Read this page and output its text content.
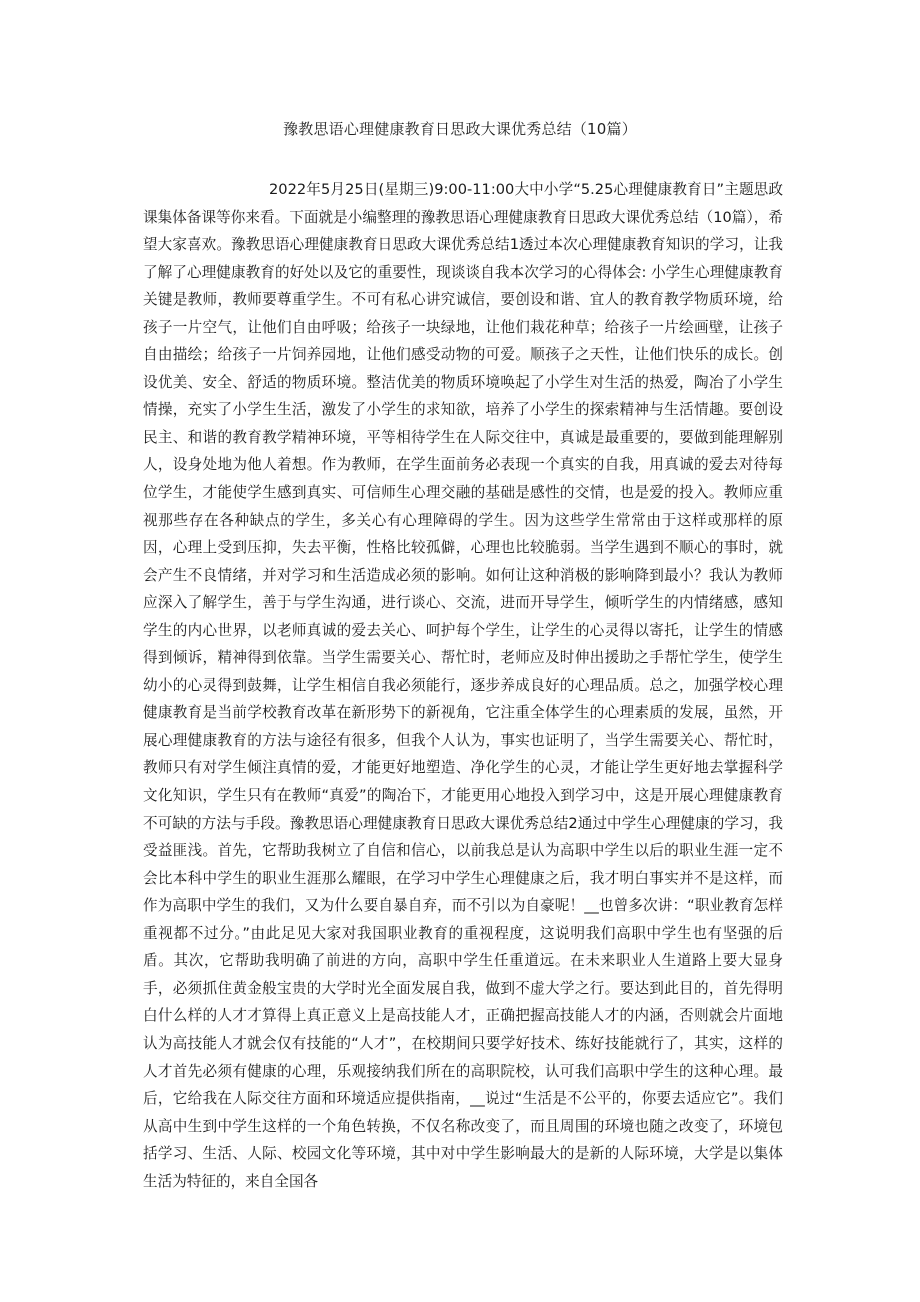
豫教思语心理健康教育日思政大课优秀总结（10篇）

2022年5月25日(星期三)9:00-11:00大中小学“5.25心理健康教育日”主题思政课集体备课等你来看。下面就是小编整理的豫教思语心理健康教育日思政大课优秀总结（10篇），希望大家喜欢。豫教思语心理健康教育日思政大课优秀总结1透过本次心理健康教育知识的学习，让我了解了心理健康教育的好处以及它的重要性，现谈谈自我本次学习的心得体会: 小学生心理健康教育关键是教师，教师要尊重学生。不可有私心讲究诚信，要创设和谐、宜人的教育教学物质环境，给孩子一片空气，让他们自由呼吸；给孩子一块绿地，让他们栽花种草；给孩子一片绘画壁，让孩子自由描绘；给孩子一片饲养园地，让他们感受动物的可爱。顺孩子之天性，让他们快乐的成长。创设优美、安全、舒适的物质环境。整洁优美的物质环境唤起了小学生对生活的热爱，陶冶了小学生情操，充实了小学生生活，激发了小学生的求知欲，培养了小学生的探索精神与生活情趣。要创设民主、和谐的教育教学精神环境，平等相待学生在人际交往中，真诚是最重要的，要做到能理解别人，设身处地为他人着想。作为教师，在学生面前务必表现一个真实的自我，用真诚的爱去对待每位学生，才能使学生感到真实、可信师生心理交融的基础是感性的交情，也是爱的投入。教师应重视那些存在各种缺点的学生，多关心有心理障碍的学生。因为这些学生常常由于这样或那样的原因，心理上受到压抑，失去平衡，性格比较孤僻，心理也比较脆弱。当学生遇到不顺心的事时，就会产生不良情绪，并对学习和生活造成必须的影响。如何让这种消极的影响降到最小？我认为教师应深入了解学生，善于与学生沟通，进行谈心、交流，进而开导学生，倾听学生的内情绪感，感知学生的内心世界，以老师真诚的爱去关心、呵护每个学生，让学生的心灵得以寄托，让学生的情感得到倾诉，精神得到依靠。当学生需要关心、帮忙时，老师应及时伸出援助之手帮忙学生，使学生幼小的心灵得到鼓舞，让学生相信自我必须能行，逐步养成良好的心理品质。总之，加强学校心理健康教育是当前学校教育改革在新形势下的新视角，它注重全体学生的心理素质的发展，虽然，开展心理健康教育的方法与途径有很多，但我个人认为，事实也证明了，当学生需要关心、帮忙时，教师只有对学生倾注真情的爱，才能更好地塑造、净化学生的心灵，才能让学生更好地去掌握科学文化知识，学生只有在教师“真爱”的陶冶下，才能更用心地投入到学习中，这是开展心理健康教育不可缺的方法与手段。豫教思语心理健康教育日思政大课优秀总结2通过中学生心理健康的学习，我受益匪浅。首先，它帮助我树立了自信和信心，以前我总是认为高职中学生以后的职业生涯一定不会比本科中学生的职业生涯那么耀眼，在学习中学生心理健康之后，我才明白事实并不是这样，而作为高职中学生的我们，又为什么要自暴自弃，而不引以为自豪呢！__也曾多次讲：“职业教育怎样重视都不过分。”由此足见大家对我国职业教育的重视程度，这说明我们高职中学生也有坚强的后盾。其次，它帮助我明确了前进的方向，高职中学生任重道远。在未来职业人生道路上要大显身手，必须抓住黄金般宝贵的大学时光全面发展自我，做到不虚大学之行。要达到此目的，首先得明白什么样的人才才算得上真正意义上是高技能人才，正确把握高技能人才的内涵，否则就会片面地认为高技能人才就会仅有技能的“人才”，在校期间只要学好技术、练好技能就行了，其实，这样的人才首先必须有健康的心理，乐观接纳我们所在的高职院校，认可我们高职中学生的这种心理。最后，它给我在人际交往方面和环境适应提供指南，__说过“生活是不公平的，你要去适应它”。我们从高中生到中学生这样的一个角色转换，不仅名称改变了，而且周围的环境也随之改变了，环境包括学习、生活、人际、校园文化等环境，其中对中学生影响最大的是新的人际环境，大学是以集体生活为特征的，来自全国各
